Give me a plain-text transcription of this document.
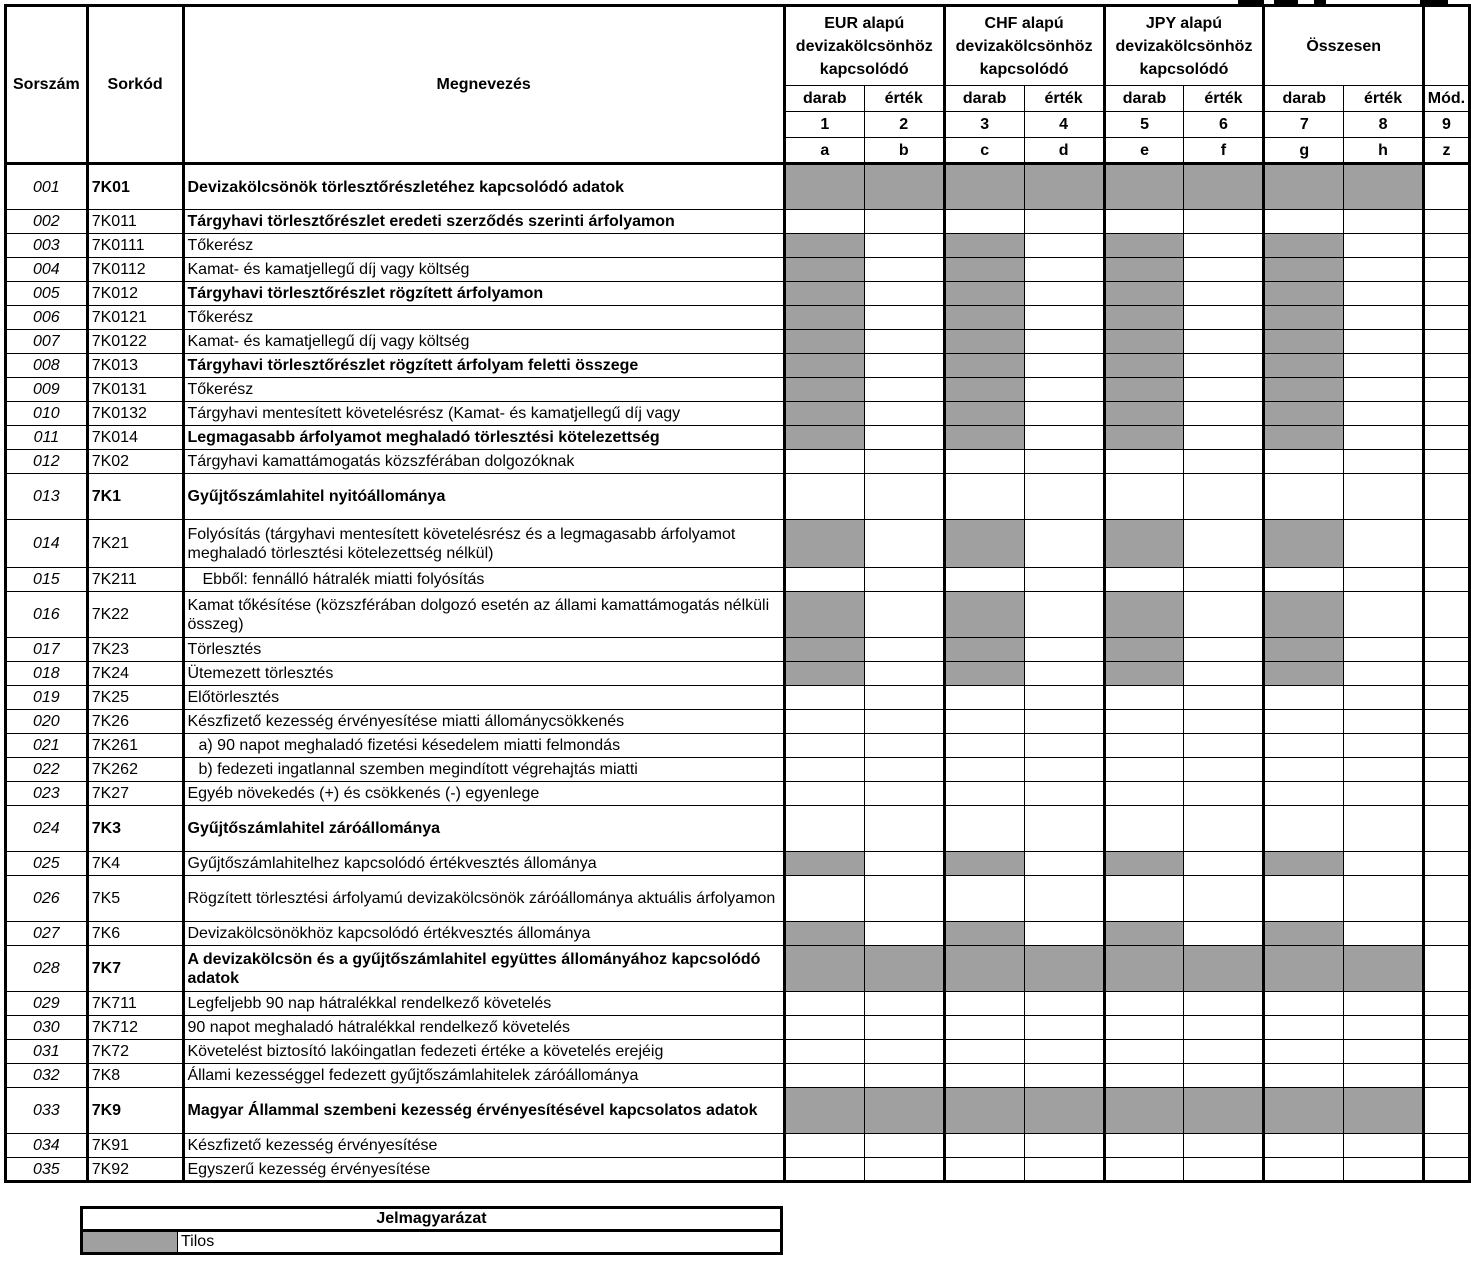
Sorszám	Sorkód	Megnevezés	EUR alapú devizakölcsönhöz kapcsolódó		CHF alapú devizakölcsönhöz kapcsolódó		JPY alapú devizakölcsönhöz kapcsolódó		Összesen		
			darab	érték	darab	érték	darab	érték	darab	érték	Mód.
			1	2	3	4	5	6	7	8	9
			a	b	c	d	e	f	g	h	z
001	7K01	Devizakölcsönök törlesztőrészletéhez kapcsolódó adatok									
002	7K011	Tárgyhavi törlesztőrészlet eredeti szerződés szerinti árfolyamon									
003	7K0111	Tőkerész									
004	7K0112	Kamat- és kamatjellegű díj vagy költség									
005	7K012	Tárgyhavi törlesztőrészlet rögzített árfolyamon									
006	7K0121	Tőkerész									
007	7K0122	Kamat- és kamatjellegű díj vagy költség									
008	7K013	Tárgyhavi törlesztőrészlet rögzített árfolyam feletti összege									
009	7K0131	Tőkerész									
010	7K0132	Tárgyhavi mentesített követelésrész (Kamat- és kamatjellegű díj vagy									
011	7K014	Legmagasabb árfolyamot meghaladó törlesztési kötelezettség									
012	7K02	Tárgyhavi kamattámogatás közszférában dolgozóknak									
013	7K1	Gyűjtőszámlahitel nyitóállománya									
014	7K21	Folyósítás (tárgyhavi mentesített követelésrész és a legmagasabb árfolyamot meghaladó törlesztési kötelezettség nélkül)									
015	7K211	Ebből: fennálló hátralék miatti folyósítás									
016	7K22	Kamat tőkésítése (közszférában dolgozó esetén az állami kamattámogatás nélküli összeg)									
017	7K23	Törlesztés									
018	7K24	Ütemezett törlesztés									
019	7K25	Előtörlesztés									
020	7K26	Készfizető kezesség érvényesítése miatti állománycsökkenés									
021	7K261	a) 90 napot meghaladó fizetési késedelem miatti felmondás									
022	7K262	b) fedezeti ingatlannal szemben megindított végrehajtás miatti									
023	7K27	Egyéb növekedés (+) és csökkenés (-) egyenlege									
024	7K3	Gyűjtőszámlahitel záróállománya									
025	7K4	Gyűjtőszámlahitelhez kapcsolódó értékvesztés állománya									
026	7K5	Rögzített törlesztési árfolyamú devizakölcsönök záróállománya aktuális árfolyamon									
027	7K6	Devizakölcsönökhöz kapcsolódó értékvesztés állománya									
028	7K7	A devizakölcsön és a gyűjtőszámlahitel együttes állományához kapcsolódó adatok									
029	7K711	Legfeljebb 90 nap hátralékkal rendelkező követelés									
030	7K712	90 napot meghaladó hátralékkal rendelkező követelés									
031	7K72	Követelést biztosító lakóingatlan fedezeti értéke a követelés erejéig									
032	7K8	Állami kezességgel fedezett gyűjtőszámlahitelek záróállománya									
033	7K9	Magyar Állammal szembeni kezesség érvényesítésével kapcsolatos adatok									
034	7K91	Készfizető kezesség érvényesítése									
035	7K92	Egyszerű kezesség érvényesítése									
Jelmagyarázat
	Tilos
